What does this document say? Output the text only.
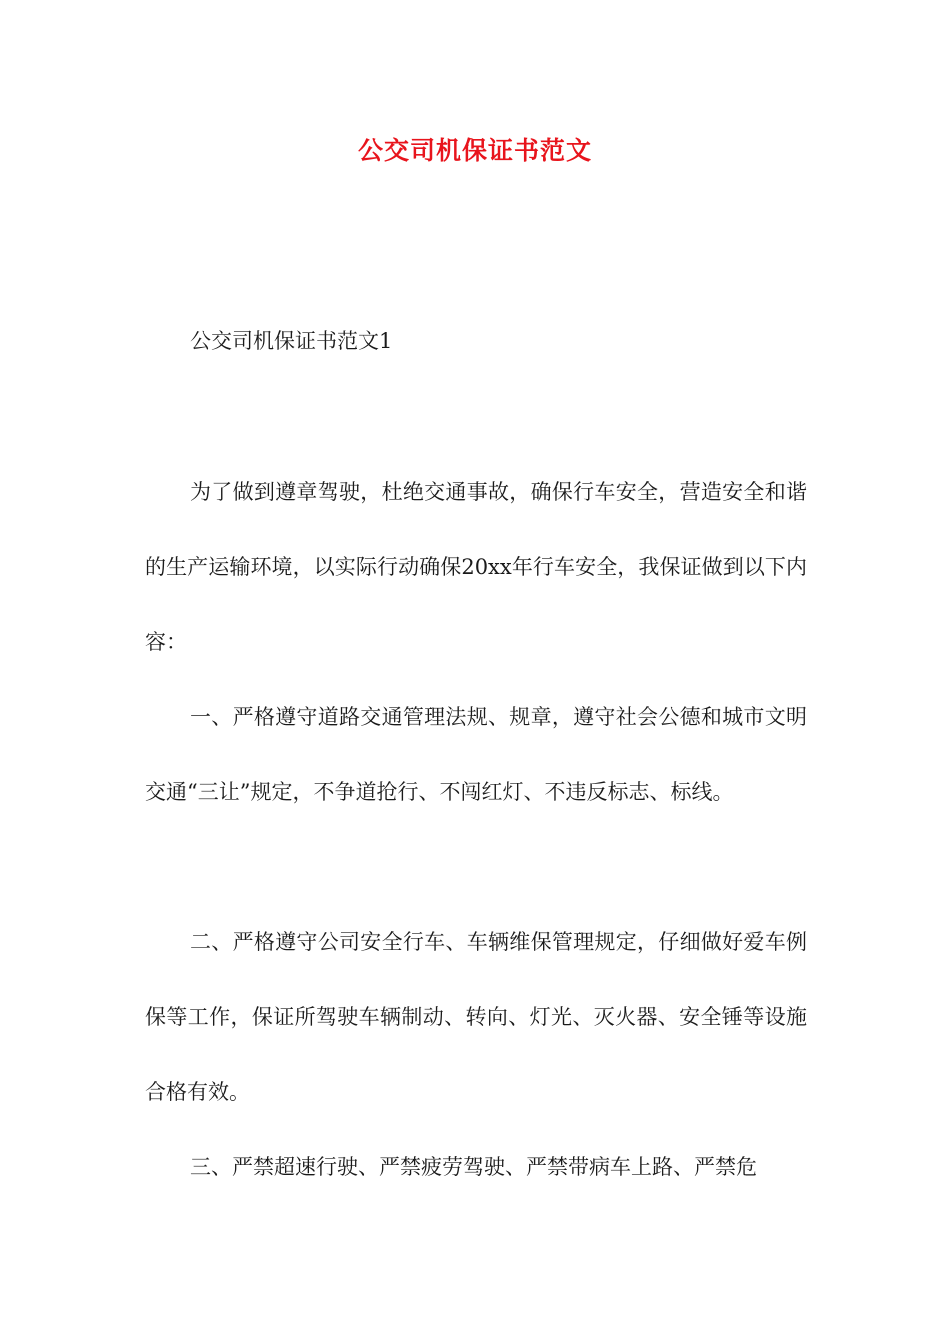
公交司机保证书范文

公交司机保证书范文1

为了做到遵章驾驶，杜绝交通事故，确保行车安全，营造安全和谐的生产运输环境，以实际行动确保20xx年行车安全，我保证做到以下内容：

一、严格遵守道路交通管理法规、规章，遵守社会公德和城市文明交通“三让”规定，不争道抢行、不闯红灯、不违反标志、标线。

二、严格遵守公司安全行车、车辆维保管理规定，仔细做好爱车例保等工作，保证所驾驶车辆制动、转向、灯光、灭火器、安全锤等设施合格有效。

三、严禁超速行驶、严禁疲劳驾驶、严禁带病车上路、严禁危
